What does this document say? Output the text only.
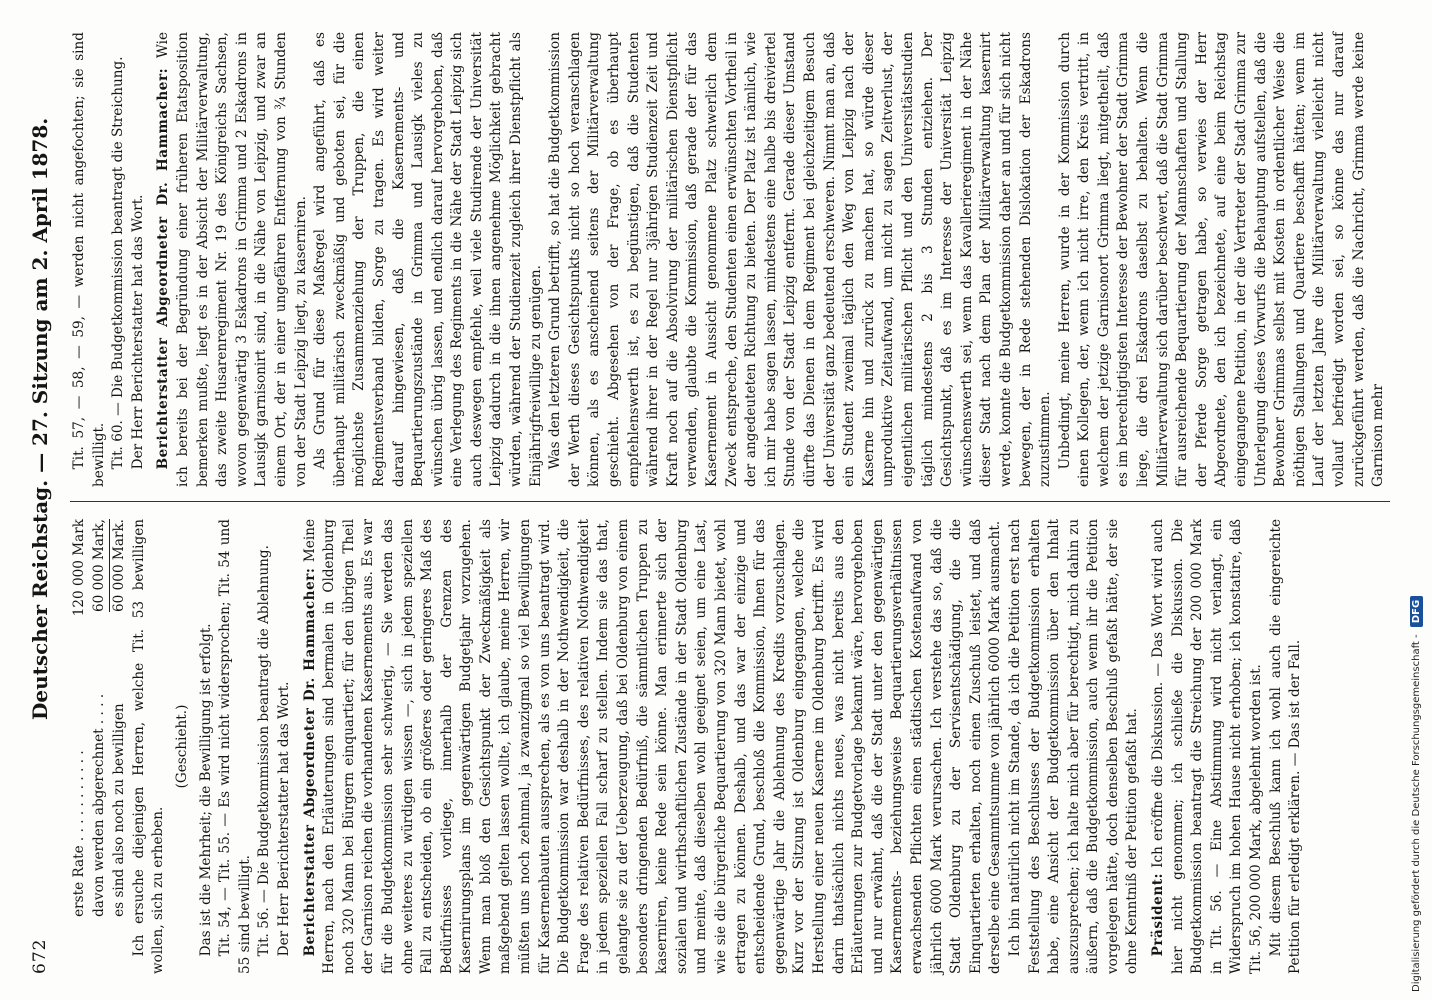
672
Deutscher Reichstag. — 27. Sitzung am 2. April 1878.
erste Rate . . . . . . . . . . .
120 000 Mark
davon werden abgerechnet . . . .
60 000 Mark,
es sind also noch zu bewilligen
60 000 Mark. Ich ersuche diejenigen Herren, welche Tit. 53 bewilligen wollen, sich zu erheben.

(Geschieht.) Das ist die Mehrheit; die Bewilligung ist erfolgt. Tit. 54, — Tit. 55. — Es wird nicht widersprochen; Tit. 54 und 55 sind bewilligt. Tit. 56. — Die Budgetkommission beantragt die Ablehnung. Der Herr Berichterstatter hat das Wort. Berichterstatter Abgeordneter Dr. Hammacher: Meine Herren, nach den Erläuterungen sind bermalen in Oldenburg noch 320 Mann bei Bürgern einquartiert; für den übrigen Theil der Garnison reichen die vorhandenen Kasernements aus. Es war für die Budgetkommission sehr schwierig, — Sie werden das ohne weiteres zu würdigen wissen —, sich in jedem speziellen Fall zu entscheiden, ob ein größeres oder geringeres Maß des Bedürfnisses vorliege, innerhalb der Grenzen des Kasernirungsplans im gegenwärtigen Budgetjahr vorzugehen. Wenn man bloß den Gesichtspunkt der Zweckmäßigkeit als maßgebend gelten lassen wollte, ich glaube, meine Herren, wir müßten uns noch zehnmal, ja zwanzigmal so viel Bewilligungen für Kasernenbauten aussprechen, als es von uns beantragt wird. Die Budgetkommission war deshalb in der Nothwendigkeit, die Frage des relativen Bedürfnisses, des relativen Nothwendigkeit in jedem speziellen Fall scharf zu stellen. Indem sie das that, gelangte sie zu der Ueberzeugung, daß bei Oldenburg von einem besonders dringenden Bedürfniß, die sämmtlichen Truppen zu kaserniren, keine Rede sein könne. Man erinnerte sich der sozialen und wirthschaftlichen Zustände in der Stadt Oldenburg und meinte, daß dieselben wohl geeignet seien, um eine Last, wie sie die bürgerliche Bequartierung von 320 Mann bietet, wohl ertragen zu können. Deshalb, und das war der einzige und entscheidende Grund, beschloß die Kommission, Ihnen für das gegenwärtige Jahr die Ablehnung des Kredits vorzuschlagen. Kurz vor der Sitzung ist Oldenburg eingegangen, welche die Herstellung einer neuen Kaserne im Oldenburg betrifft. Es wird darin thatsächlich nichts neues, was nicht bereits aus den Erläuterungen zur Budgetvorlage bekannt wäre, hervorgehoben und nur erwähnt, daß die der Stadt unter den gegenwärtigen Kasernements- beziehungsweise Bequartierungsverhältnissen erwachsenden Pflichten einen städtischen Kostenaufwand von jährlich 6000 Mark verursachen. Ich verstehe das so, daß die Stadt Oldenburg zu der Servisentschädigung, die die Einquartierten erhalten, noch einen Zuschuß leistet, und daß derselbe eine Gesammtsumme von jährlich 6000 Mark ausmacht. Ich bin natürlich nicht im Stande, da ich die Petition erst nach Feststellung des Beschlusses der Budgetkommission erhalten habe, eine Ansicht der Budgetkommission über den Inhalt auszusprechen; ich halte mich aber für berechtigt, mich dahin zu äußern, daß die Budgetkommission, auch wenn ihr die Petition vorgelegen hätte, doch denselben Beschluß gefaßt hätte, der sie ohne Kenntniß der Petition gefaßt hat. Präsident: Ich eröffne die Diskussion. — Das Wort wird auch hier nicht genommen; ich schließe die Diskussion. Die Budgetkommission beantragt die Streichung der 200 000 Mark in Tit. 56. — Eine Abstimmung wird nicht verlangt, ein Widerspruch im hohen Hause nicht erhoben; ich konstatire, daß Tit. 56, 200 000 Mark, abgelehnt worden ist. Mit diesem Beschluß kann ich wohl auch die eingereichte Petition für erledigt erklären. — Das ist der Fall.

Tit. 57, — 58, — 59, — werden nicht angefochten; sie sind bewilligt. Tit. 60. — Die Budgetkommission beantragt die Streichung. Der Herr Berichterstatter hat das Wort. Berichterstatter Abgeordneter Dr. Hammacher: Wie ich bereits bei der Begründung einer früheren Etatsposition bemerken mußte, liegt es in der Absicht der Militärverwaltung, das zweite Husarenregiment Nr. 19 des Königreichs Sachsen, wovon gegenwärtig 3 Eskadrons in Grimma und 2 Eskadrons in Lausigk garnisonirt sind, in die Nähe von Leipzig, und zwar an einem Ort, der in einer ungefähren Entfernung von ¾ Stunden von der Stadt Leipzig liegt, zu kaserniren. Als Grund für diese Maßregel wird angeführt, daß es überhaupt militärisch zweckmäßig und geboten sei, für die möglichste Zusammenziehung der Truppen, die einen Regimentsverband bilden, Sorge zu tragen. Es wird weiter darauf hingewiesen, daß die Kasernements- und Bequartierungszustände in Grimma und Lausigk vieles zu wünschen übrig lassen, und endlich darauf hervorgehoben, daß eine Verlegung des Regiments in die Nähe der Stadt Leipzig sich auch deswegen empfehle, weil viele Studirende der Universität Leipzig dadurch in die ihnen angenehme Möglichkeit gebracht würden, während der Studienzeit zugleich ihrer Dienstpflicht als Einjährigfreiwillige zu genügen. Was den letzteren Grund betrifft, so hat die Budgetkommission der Werth dieses Gesichtspunkts nicht so hoch veranschlagen können, als es anscheinend seitens der Militärverwaltung geschieht. Abgesehen von der Frage, ob es überhaupt empfehlenswerth ist, es zu begünstigen, daß die Studenten während ihrer in der Regel nur 3jährigen Studienzeit Zeit und Kraft noch auf die Absolvirung der militärischen Dienstpflicht verwenden, glaubte die Kommission, daß gerade der für das Kasernement in Aussicht genommene Platz schwerlich dem Zweck entspreche, den Studenten einen erwünschten Vortheil in der angedeuteten Richtung zu bieten. Der Platz ist nämlich, wie ich mir habe sagen lassen, mindestens eine halbe bis dreiviertel Stunde von der Stadt Leipzig entfernt. Gerade dieser Umstand dürfte das Dienen in dem Regiment bei gleichzeitigem Besuch der Universität ganz bedeutend erschweren. Nimmt man an, daß ein Student zweimal täglich den Weg von Leipzig nach der Kaserne hin und zurück zu machen hat, so würde dieser unproduktive Zeitaufwand, um nicht zu sagen Zeitverlust, der eigentlichen militärischen Pflicht und den Universitätsstudien täglich mindestens 2 bis 3 Stunden entziehen. Der Gesichtspunkt, daß es im Interesse der Universität Leipzig wünschenswerth sei, wenn das Kavallerieregiment in der Nähe dieser Stadt nach dem Plan der Militärverwaltung kasernirt werde, konnte die Budgetkommission daher an und für sich nicht bewegen, der in Rede stehenden Dislokation der Eskadrons zuzustimmen. Unbedingt, meine Herren, wurde in der Kommission durch einen Kollegen, der, wenn ich nicht irre, den Kreis vertritt, in welchem der jetzige Garnisonort Grimma liegt, mitgetheilt, daß es im berechtigtigsten Interesse der Bewohner der Stadt Grimma liege, die drei Eskadrons daselbst zu behalten. Wenn die Militärverwaltung sich darüber beschwert, daß die Stadt Grimma für ausreichende Bequartierung der Mannschaften und Stallung der Pferde Sorge getragen habe, so verwies der Herr Abgeordnete, den ich bezeichnete, auf eine beim Reichstag eingegangene Petition, in der die Vertreter der Stadt Grimma zur Unterlegung dieses Vorwurfs die Behauptung aufstellen, daß die Bewohner Grimmas selbst mit Kosten in ordentlicher Weise die nöthigen Stallungen und Quartiere beschafft hätten; wenn im Lauf der letzten Jahre die Militärverwaltung vielleicht nicht vollauf befriedigt worden sei, so könne das nur darauf zurückgeführt werden, daß die Nachricht, Grimma werde keine Garnison mehr

Digitalisierung gefördert durch die Deutsche Forschungsgemeinschaft - DFG
